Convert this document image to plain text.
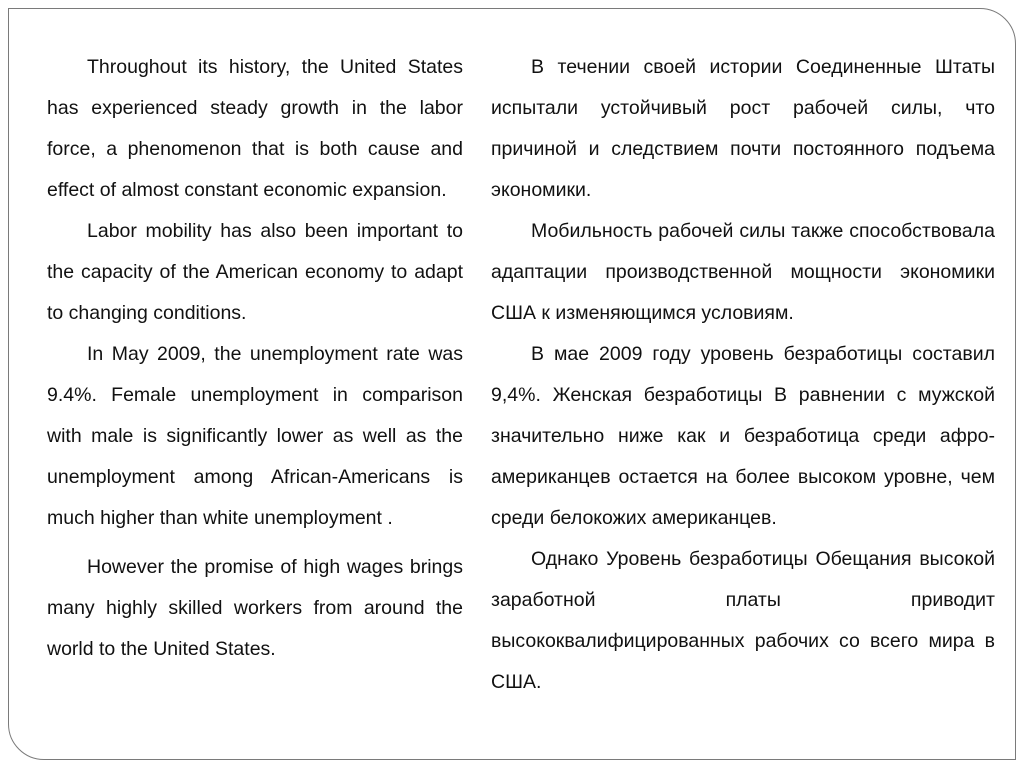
Throughout its history, the United States has experienced steady growth in the labor force, a phenomenon that is both cause and effect of almost constant economic expansion.

Labor mobility has also been important to the capacity of the American economy to adapt to changing conditions.

In May 2009, the unemployment rate was 9.4%. Female unemployment in comparison with male is significantly lower as well as the unemployment among African-Americans is much higher than white unemployment .

However the promise of high wages brings many highly skilled workers from around the world to the United States.

В течении своей истории Соединенные Штаты испытали устойчивый рост рабочей силы, что причиной и следствием почти постоянного подъема экономики.

Мобильность рабочей силы также способствовала адаптации производственной мощности экономики США к изменяющимся условиям.

В мае 2009 году уровень безработицы составил 9,4%. Женская безработицы В равнении с мужской значительно ниже как и безработица среди афро-американцев остается на более высоком уровне, чем среди белокожих американцев.

Однако Уровень безработицы Обещания высокой заработной платы приводит высококвалифицированных рабочих со всего мира в США.
